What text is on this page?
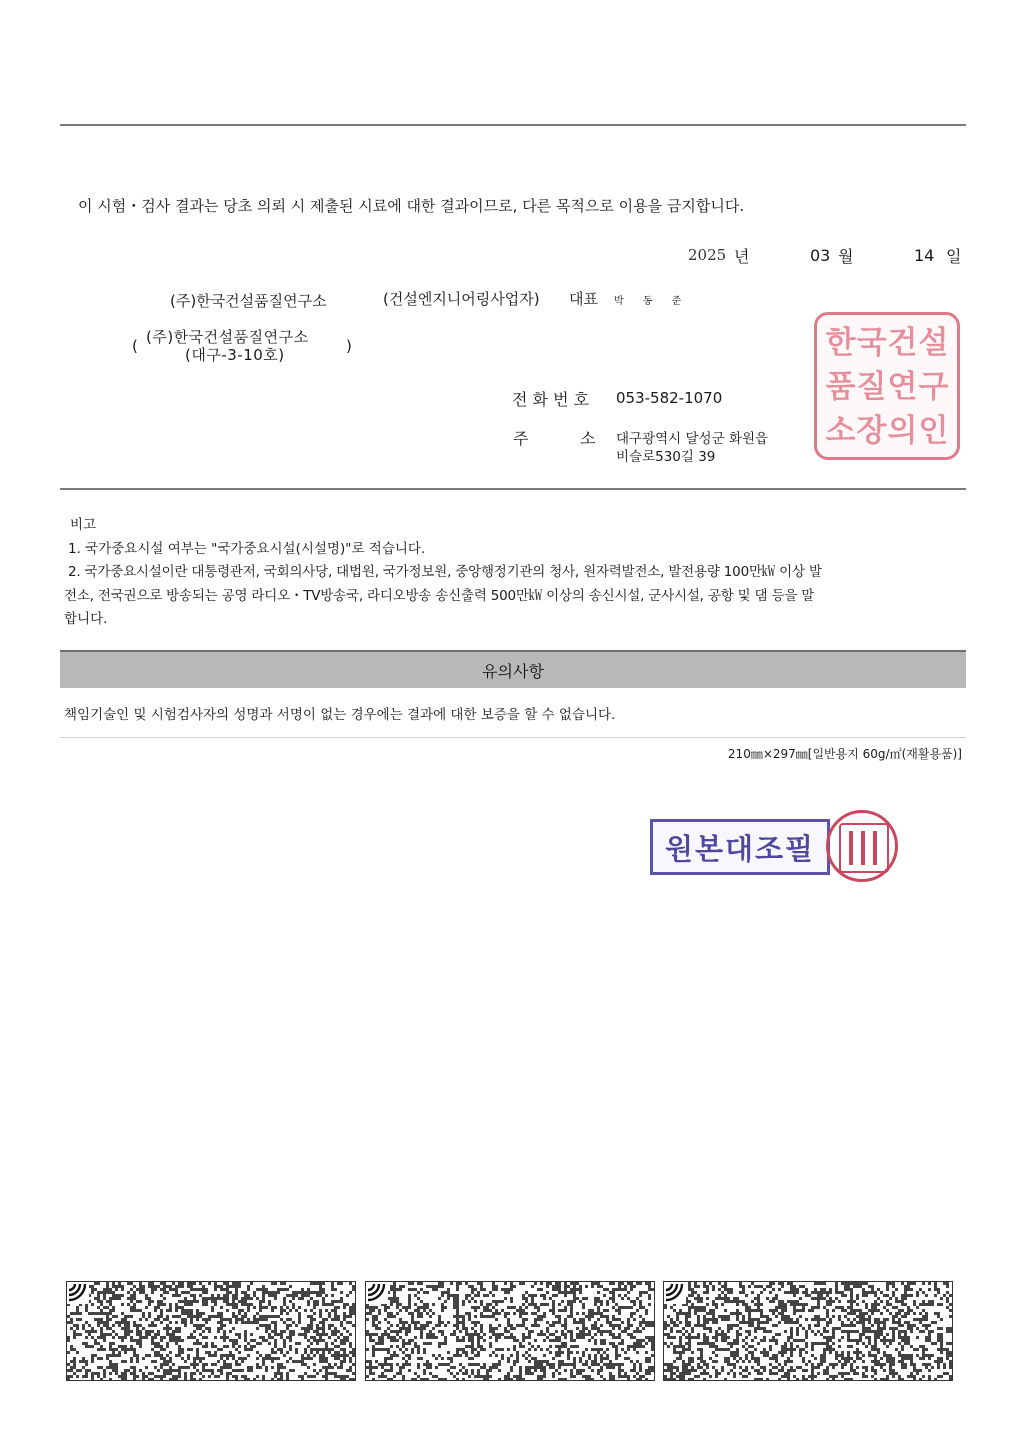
이 시험・검사 결과는 당초 의뢰 시 제출된 시료에 대한 결과이므로, 다른 목적으로 이용을 금지합니다.
2025 년	03 월	14 일
(주)한국건설품질연구소	(건설엔지니어링사업자) 대표 박 동 준
( (주)한국건설품질연구소
(대구-3-10호)	)
전 화 번 호 053-582-1070
주	소 대구광역시 달성군 화원읍
비슬로530길 39
한 국 건 설
품 질 연 구
소 장 의 인
비고
1. 국가중요시설 여부는 "국가중요시설(시설명)"로 적습니다.
2. 국가중요시설이란 대통령관저, 국회의사당, 대법원, 국가정보원, 중앙행정기관의 청사, 원자력발전소, 발전용량 100만㎾ 이상 발
전소, 전국권으로 방송되는 공영 라디오・TV방송국, 라디오방송 송신출력 500만㎾ 이상의 송신시설, 군사시설, 공항 및 댐 등을 말
합니다.
유의사항
책임기술인 및 시험검사자의 성명과 서명이 없는 경우에는 결과에 대한 보증을 할 수 없습니다.
210㎜×297㎜[일반용지 60g/㎡(재활용품)]
원본대조필
